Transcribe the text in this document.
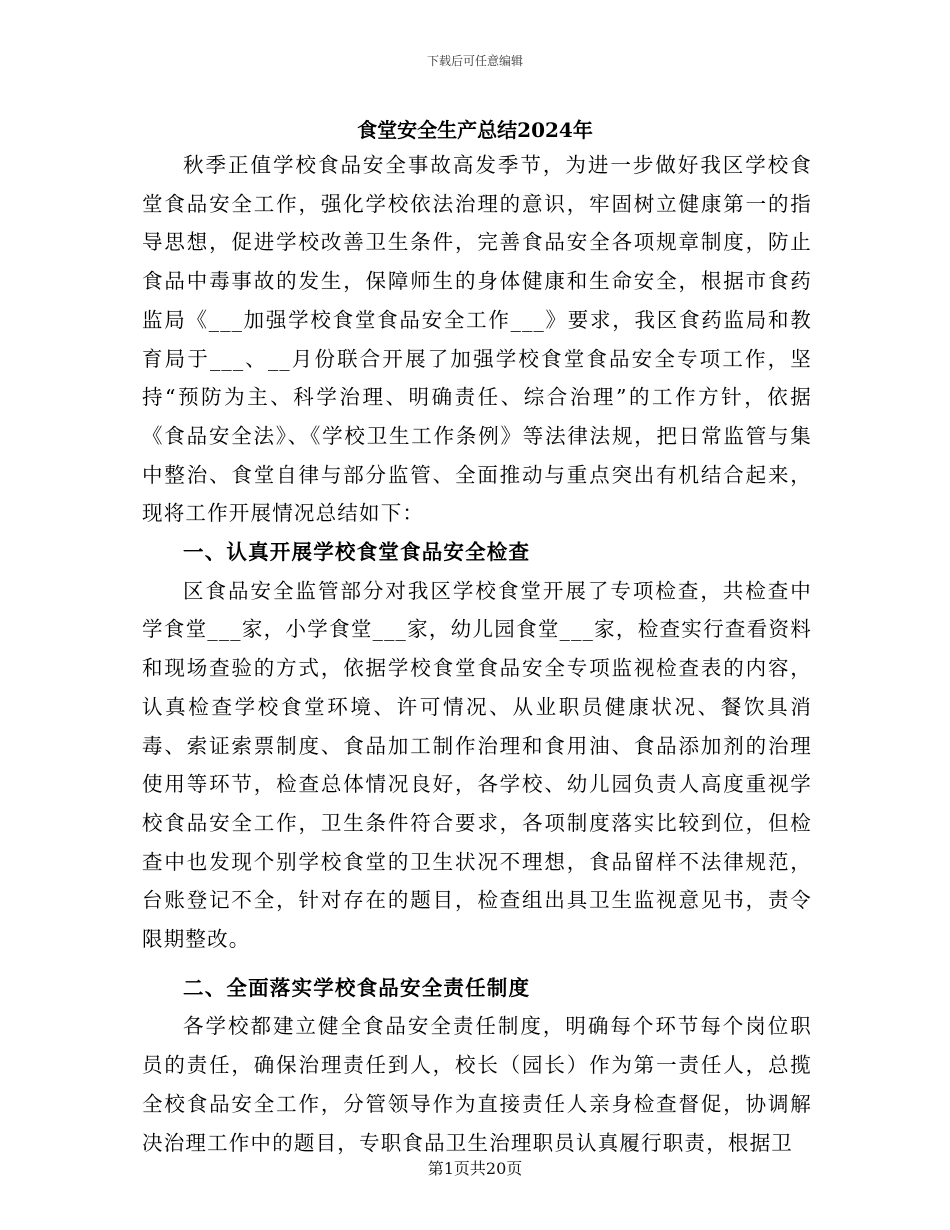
下载后可任意编辑
食堂安全生产总结2024年

秋季正值学校食品安全事故高发季节，为进一步做好我区学校食堂食品安全工作，强化学校依法治理的意识，牢固树立健康第一的指导思想，促进学校改善卫生条件，完善食品安全各项规章制度，防止食品中毒事故的发生，保障师生的身体健康和生命安全，根据市食药监局《___加强学校食堂食品安全工作___》要求，我区食药监局和教育局于___、__月份联合开展了加强学校食堂食品安全专项工作，坚持“预防为主、科学治理、明确责任、综合治理”的工作方针，依据《食品安全法》、《学校卫生工作条例》等法律法规，把日常监管与集中整治、食堂自律与部分监管、全面推动与重点突出有机结合起来，现将工作开展情况总结如下：

一、认真开展学校食堂食品安全检查

区食品安全监管部分对我区学校食堂开展了专项检查，共检查中学食堂___家，小学食堂___家，幼儿园食堂___家，检查实行查看资料和现场查验的方式，依据学校食堂食品安全专项监视检查表的内容，认真检查学校食堂环境、许可情况、从业职员健康状况、餐饮具消毒、索证索票制度、食品加工制作治理和食用油、食品添加剂的治理使用等环节，检查总体情况良好，各学校、幼儿园负责人高度重视学校食品安全工作，卫生条件符合要求，各项制度落实比较到位，但检查中也发现个别学校食堂的卫生状况不理想，食品留样不法律规范，台账登记不全，针对存在的题目，检查组出具卫生监视意见书，责令限期整改。

二、全面落实学校食品安全责任制度

各学校都建立健全食品安全责任制度，明确每个环节每个岗位职员的责任，确保治理责任到人，校长（园长）作为第一责任人，总揽全校食品安全工作，分管领导作为直接责任人亲身检查督促，协调解决治理工作中的题目，专职食品卫生治理职员认真履行职责，根据卫

第1页共20页
